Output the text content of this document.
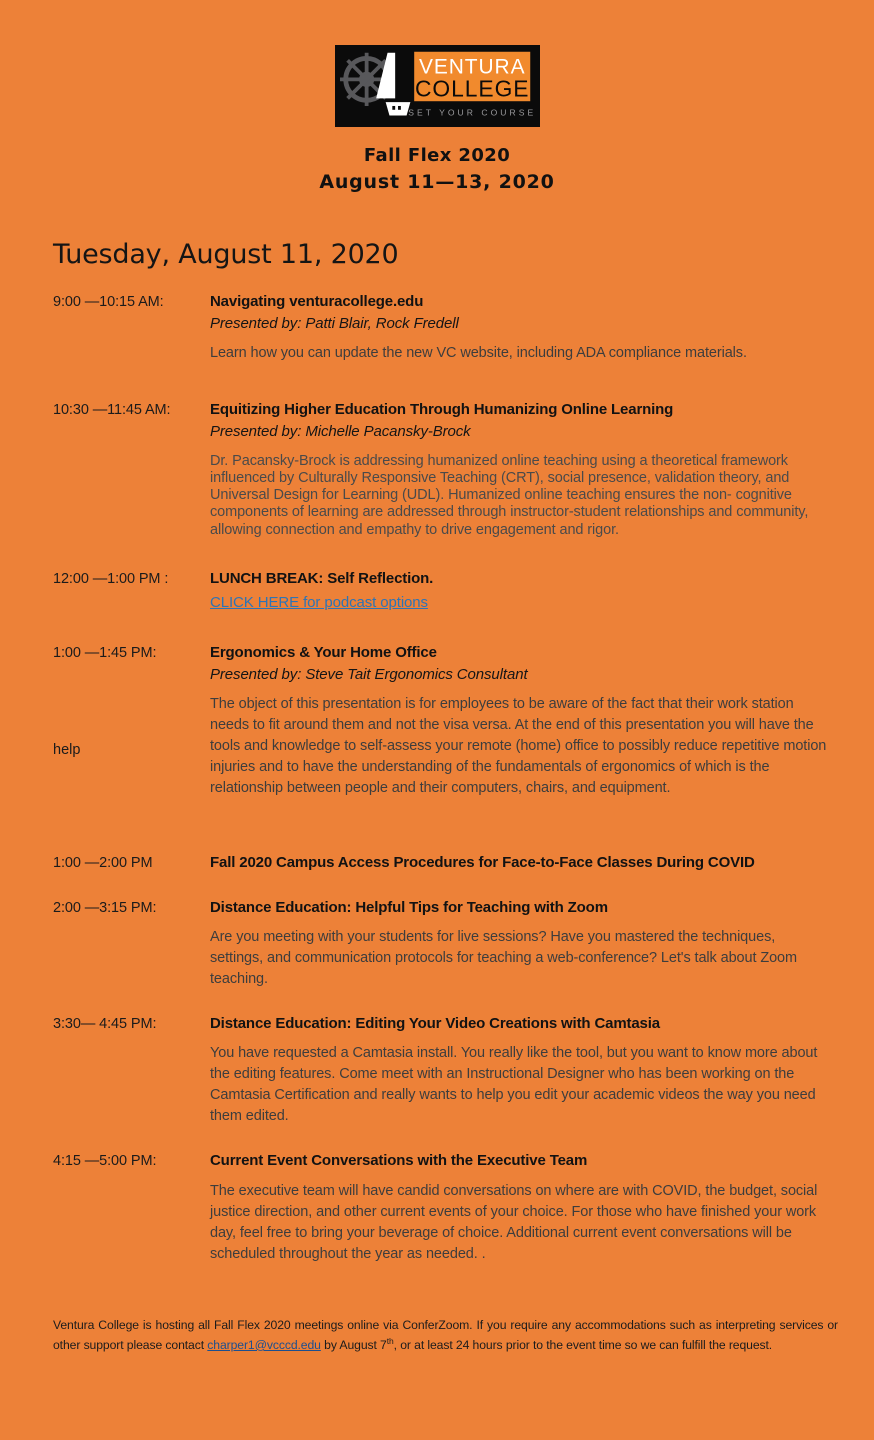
VENTURA
COLLEGE
SET YOUR COURSE
Fall Flex 2020
August 11—13, 2020
Tuesday, August 11, 2020
9:00 —10:15 AM:	Navigating venturacollege.edu
Presented by: Patti Blair, Rock Fredell
Learn how you can update the new VC website, including ADA compliance materials.
10:30 —11:45 AM:	Equitizing Higher Education Through Humanizing Online Learning
Presented by: Michelle Pacansky-Brock
Dr. Pacansky-Brock is addressing humanized online teaching using a theoretical framework influenced by Culturally Responsive Teaching (CRT), social presence, validation theory, and Universal Design for Learning (UDL). Humanized online teaching ensures the non- cognitive components of learning are addressed through instructor-student relationships and community, allowing connection and empathy to drive engagement and rigor.
12:00 —1:00 PM :	LUNCH BREAK: Self Reflection.
CLICK HERE for podcast options
1:00 —1:45 PM:	Ergonomics & Your Home Office
Presented by: Steve Tait Ergonomics Consultant
The object of this presentation is for employees to be aware of the fact that their work station needs to fit around them and not the visa versa. At the end of this presentation you will have the tools and knowledge to self-assess your remote (home) office to possibly reduce repetitive motion injuries and to have the understanding of the fundamentals of ergonomics of which is the relationship between people and their computers, chairs, and equipment.
1:00 —2:00 PM	Fall 2020 Campus Access Procedures for Face-to-Face Classes During COVID
2:00 —3:15 PM:	Distance Education: Helpful Tips for Teaching with Zoom
Are you meeting with your students for live sessions? Have you mastered the techniques, settings, and communication protocols for teaching a web-conference? Let's talk about Zoom teaching.
3:30— 4:45 PM:	Distance Education: Editing Your Video Creations with Camtasia
You have requested a Camtasia install. You really like the tool, but you want to know more about the editing features. Come meet with an Instructional Designer who has been working on the Camtasia Certification and really wants to help you edit your academic videos the way you need them edited.
4:15 —5:00 PM:	Current Event Conversations with the Executive Team
The executive team will have candid conversations on where are with COVID, the budget, social justice direction, and other current events of your choice. For those who have finished your work day, feel free to bring your beverage of choice. Additional current event conversations will be scheduled throughout the year as needed. .
help
Ventura College is hosting all Fall Flex 2020 meetings online via ConferZoom. If you require any accommodations such as interpreting services or other support please contact charper1@vcccd.edu by August 7th, or at least 24 hours prior to the event time so we can fulfill the request.
